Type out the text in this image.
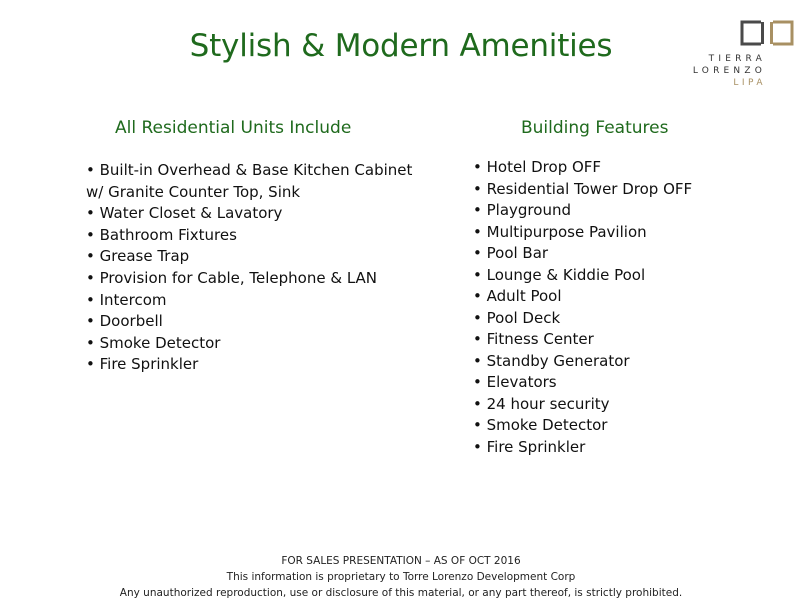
Stylish & Modern Amenities	TIERRA
LORENZO
LIPA
All Residential Units Include
• Built-in Overhead & Base Kitchen Cabinet
w/ Granite Counter Top, Sink
• Water Closet & Lavatory
• Bathroom Fixtures
• Grease Trap
• Provision for Cable, Telephone & LAN
• Intercom
• Doorbell
• Smoke Detector
• Fire Sprinkler
Building Features
• Hotel Drop OFF
• Residential Tower Drop OFF
• Playground
• Multipurpose Pavilion
• Pool Bar
• Lounge & Kiddie Pool
• Adult Pool
• Pool Deck
• Fitness Center
• Standby Generator
• Elevators
• 24 hour security
• Smoke Detector
• Fire Sprinkler
FOR SALES PRESENTATION – AS OF OCT 2016
This information is proprietary to Torre Lorenzo Development Corp
Any unauthorized reproduction, use or disclosure of this material, or any part thereof, is strictly prohibited.
